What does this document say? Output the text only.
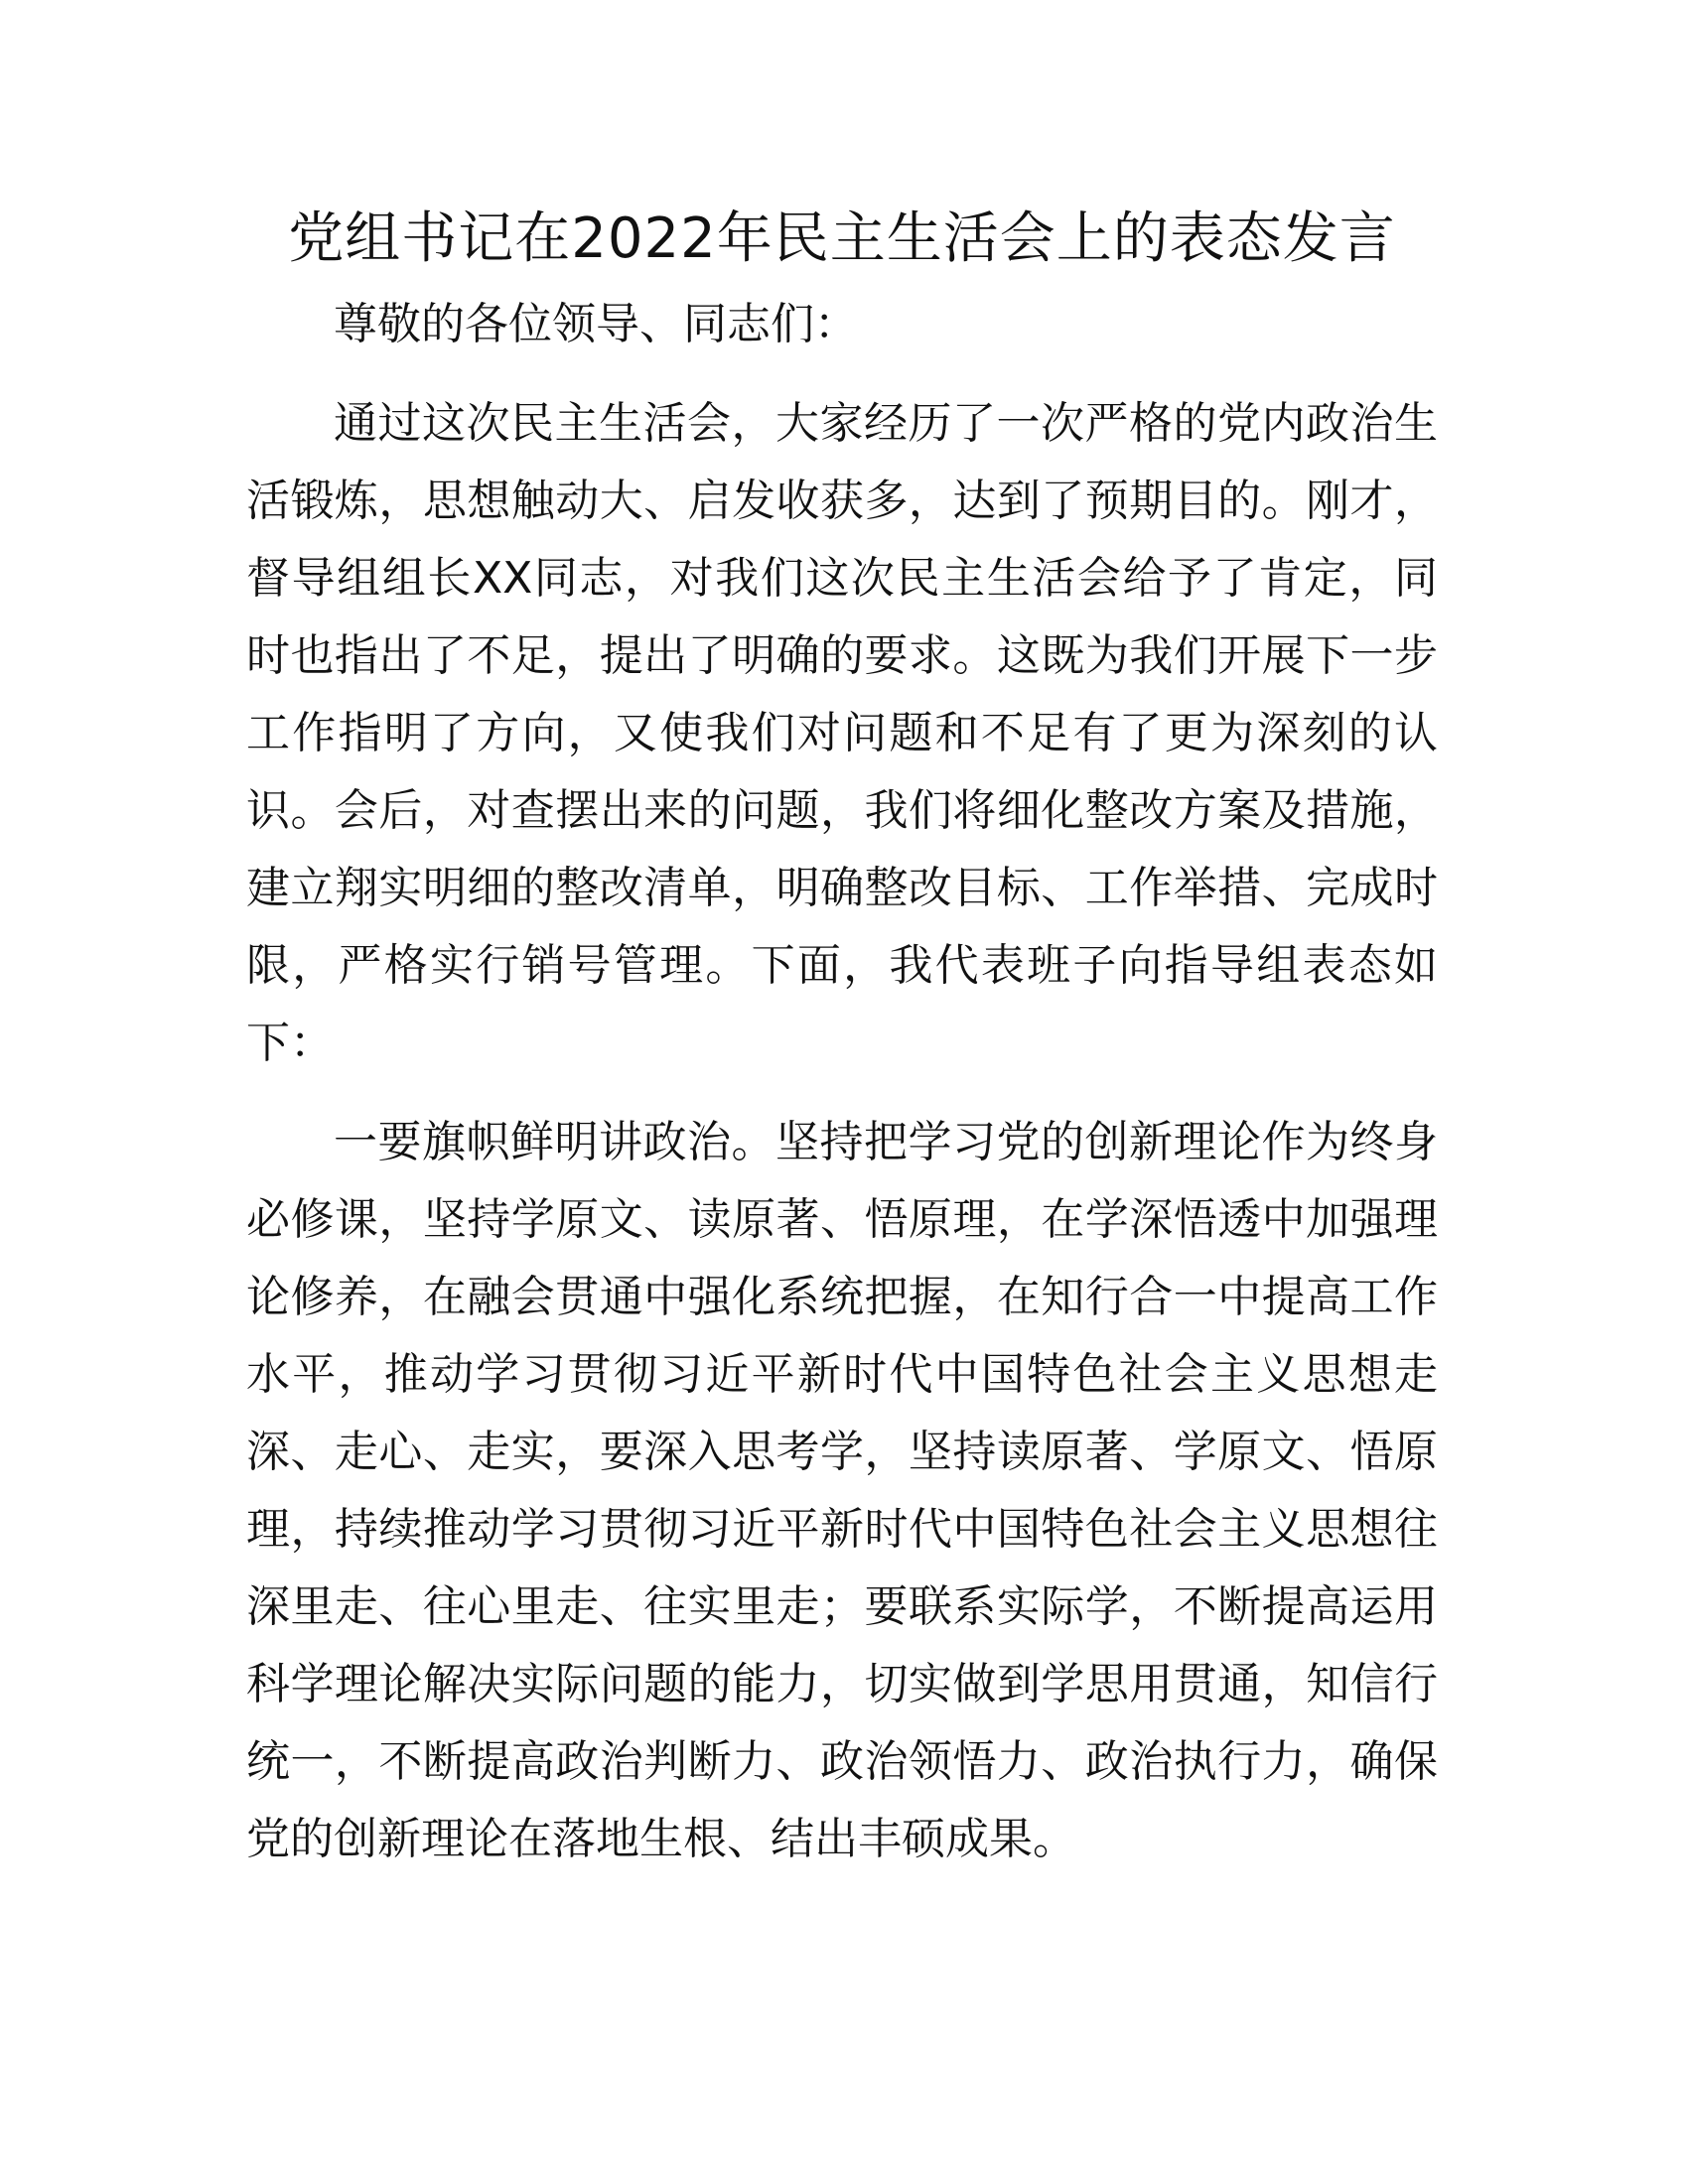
党组书记在2022年民主生活会上的表态发言

尊敬的各位领导、同志们：

通过这次民主生活会，大家经历了一次严格的党内政治生活锻炼，思想触动大、启发收获多，达到了预期目的。刚才，督导组组长XX同志，对我们这次民主生活会给予了肯定，同时也指出了不足，提出了明确的要求。这既为我们开展下一步工作指明了方向，又使我们对问题和不足有了更为深刻的认识。会后，对查摆出来的问题，我们将细化整改方案及措施，建立翔实明细的整改清单，明确整改目标、工作举措、完成时限，严格实行销号管理。下面，我代表班子向指导组表态如下：

一要旗帜鲜明讲政治。坚持把学习党的创新理论作为终身必修课，坚持学原文、读原著、悟原理，在学深悟透中加强理论修养，在融会贯通中强化系统把握，在知行合一中提高工作水平，推动学习贯彻习近平新时代中国特色社会主义思想走深、走心、走实，要深入思考学，坚持读原著、学原文、悟原理，持续推动学习贯彻习近平新时代中国特色社会主义思想往深里走、往心里走、往实里走；要联系实际学，不断提高运用科学理论解决实际问题的能力，切实做到学思用贯通，知信行统一，不断提高政治判断力、政治领悟力、政治执行力，确保党的创新理论在落地生根、结出丰硕成果。
